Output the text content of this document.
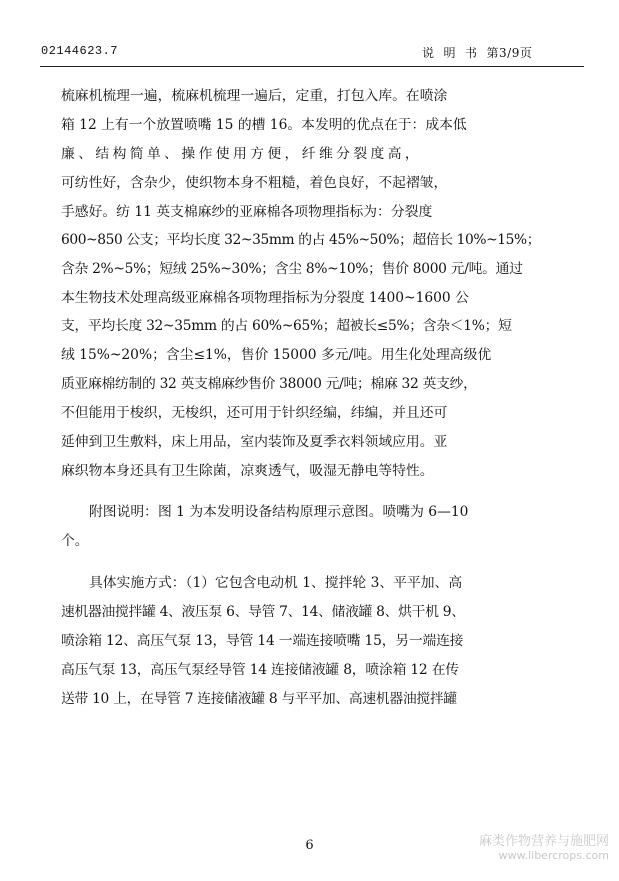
02144623.7	说 明 书 第3/9页
梳麻机梳理一遍，梳麻机梳理一遍后，定重，打包入库。在喷涂
箱 12 上有一个放置喷嘴 15 的槽 16。本发明的优点在于：成本低
廉、结构简单、操作使用方便，纤维分裂度高，
可纺性好，含杂少，使织物本身不粗糙，着色良好，不起褶皱，
手感好。纺 11 英支棉麻纱的亚麻棉各项物理指标为：分裂度
600~850 公支；平均长度 32~35mm 的占 45%~50%；超倍长 10%~15%；
含杂 2%~5%；短绒 25%~30%；含尘 8%~10%；售价 8000 元/吨。通过
本生物技术处理高级亚麻棉各项物理指标为分裂度 1400~1600 公
支，平均长度 32~35mm 的占 60%~65%；超被长≤5%；含杂＜1%；短
绒 15%~20%；含尘≤1%，售价 15000 多元/吨。用生化处理高级优
质亚麻棉纺制的 32 英支棉麻纱售价 38000 元/吨；棉麻 32 英支纱，
不但能用于梭织，无梭织，还可用于针织经编，纬编，并且还可
延伸到卫生敷料，床上用品，室内装饰及夏季衣料领域应用。亚
麻织物本身还具有卫生除菌，凉爽透气，吸湿无静电等特性。
附图说明：图 1 为本发明设备结构原理示意图。喷嘴为 6—10
个。
具体实施方式：（1）它包含电动机 1、搅拌轮 3、平平加、高
速机器油搅拌罐 4、液压泵 6、导管 7、14、储液罐 8、烘干机 9、
喷涂箱 12、高压气泵 13，导管 14 一端连接喷嘴 15，另一端连接
高压气泵 13，高压气泵经导管 14 连接储液罐 8，喷涂箱 12 在传
送带 10 上，在导管 7 连接储液罐 8 与平平加、高速机器油搅拌罐
6	麻类作物营养与施肥网
www.libercrops.com
